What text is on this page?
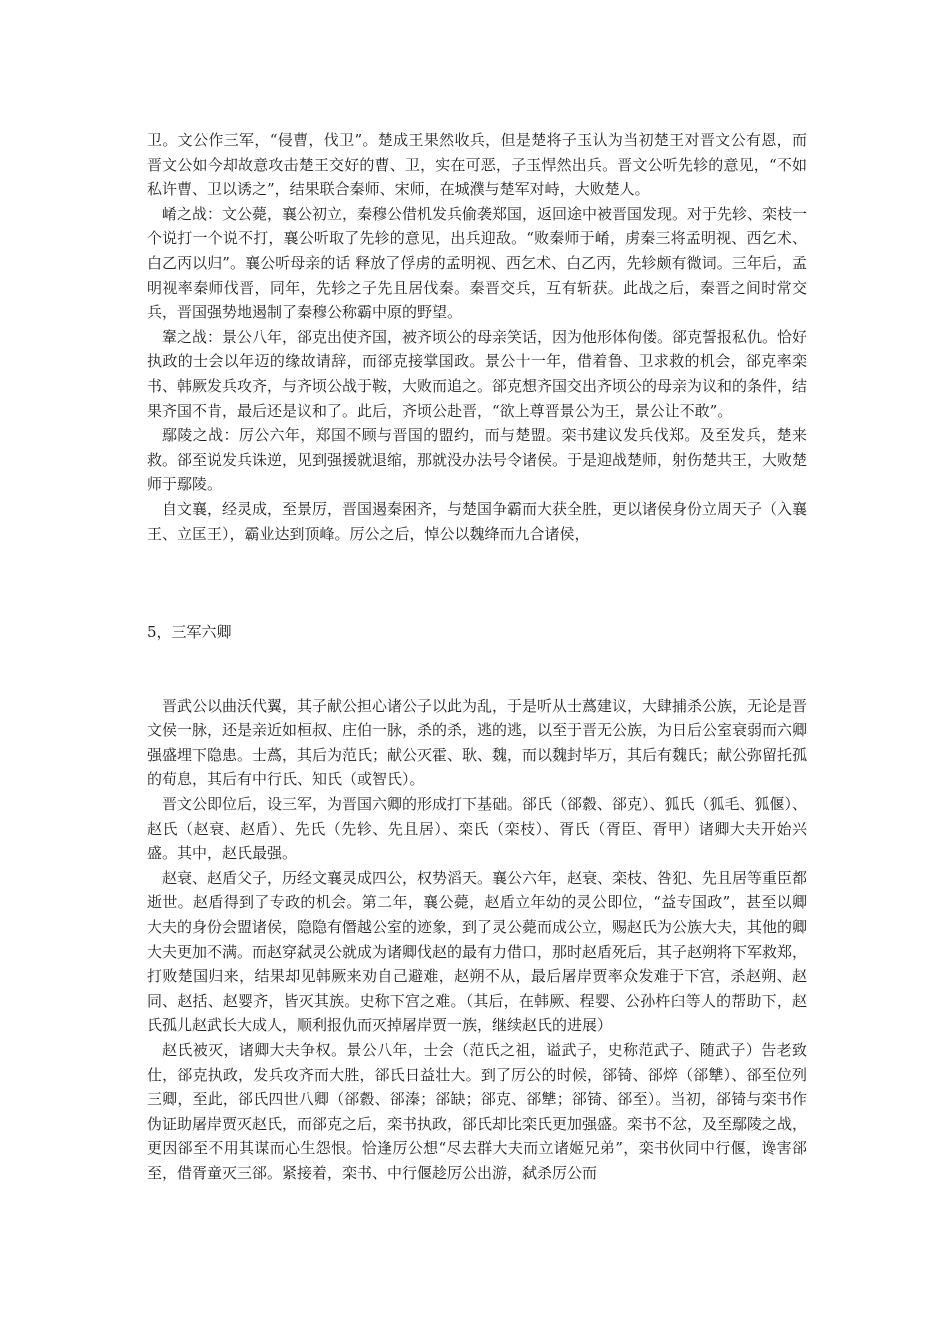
卫。文公作三军，“侵曹，伐卫”。楚成王果然收兵，但是楚将子玉认为当初楚王对晋文公有恩，而晋文公如今却故意攻击楚王交好的曹、卫，实在可恶，子玉悍然出兵。晋文公听先轸的意见，“不如私许曹、卫以诱之”，结果联合秦师、宋师，在城濮与楚军对峙，大败楚人。

崤之战：文公薨，襄公初立，秦穆公借机发兵偷袭郑国，返回途中被晋国发现。对于先轸、栾枝一个说打一个说不打，襄公听取了先轸的意见，出兵迎敌。“败秦师于崤，虏秦三将孟明视、西乞术、白乙丙以归”。襄公听母亲的话 释放了俘虏的孟明视、西乞术、白乙丙，先轸颇有微词。三年后，孟明视率秦师伐晋，同年，先轸之子先且居伐秦。秦晋交兵，互有斩获。此战之后，秦晋之间时常交兵，晋国强势地遏制了秦穆公称霸中原的野望。

鞌之战：景公八年，郤克出使齐国，被齐顷公的母亲笑话，因为他形体佝偻。郤克誓报私仇。恰好执政的士会以年迈的缘故请辞，而郤克接掌国政。景公十一年，借着鲁、卫求救的机会，郤克率栾书、韩厥发兵攻齐，与齐顷公战于鞍，大败而追之。郤克想齐国交出齐顷公的母亲为议和的条件，结果齐国不肯，最后还是议和了。此后，齐顷公赴晋，“欲上尊晋景公为王，景公让不敢”。

鄢陵之战：厉公六年，郑国不顾与晋国的盟约，而与楚盟。栾书建议发兵伐郑。及至发兵，楚来救。郤至说发兵诛逆，见到强援就退缩，那就没办法号令诸侯。于是迎战楚师，射伤楚共王，大败楚师于鄢陵。

自文襄，经灵成，至景厉，晋国遏秦困齐，与楚国争霸而大获全胜，更以诸侯身份立周天子（入襄王、立匡王），霸业达到顶峰。厉公之后，悼公以魏绛而九合诸侯，

5，三军六卿

晋武公以曲沃代翼，其子献公担心诸公子以此为乱，于是听从士蔿建议，大肆捕杀公族，无论是晋文侯一脉，还是亲近如桓叔、庄伯一脉，杀的杀，逃的逃，以至于晋无公族，为日后公室衰弱而六卿强盛埋下隐患。士蔿，其后为范氏；献公灭霍、耿、魏，而以魏封毕万，其后有魏氏；献公弥留托孤的荀息，其后有中行氏、知氏（或智氏）。

晋文公即位后，设三军，为晋国六卿的形成打下基础。郤氏（郤縠、郤克）、狐氏（狐毛、狐偃）、赵氏（赵衰、赵盾）、先氏（先轸、先且居）、栾氏（栾枝）、胥氏（胥臣、胥甲）诸卿大夫开始兴盛。其中，赵氏最强。

赵衰、赵盾父子，历经文襄灵成四公，权势滔天。襄公六年，赵衰、栾枝、咎犯、先且居等重臣都逝世。赵盾得到了专政的机会。第二年，襄公薨，赵盾立年幼的灵公即位，“益专国政”，甚至以卿大夫的身份会盟诸侯，隐隐有僭越公室的迹象，到了灵公薨而成公立，赐赵氏为公族大夫，其他的卿大夫更加不满。而赵穿弑灵公就成为诸卿伐赵的最有力借口，那时赵盾死后，其子赵朔将下军救郑，打败楚国归来，结果却见韩厥来劝自己避难，赵朔不从，最后屠岸贾率众发难于下宫，杀赵朔、赵同、赵括、赵婴齐，皆灭其族。史称下宫之难。（其后，在韩厥、程婴、公孙杵臼等人的帮助下，赵氏孤儿赵武长大成人，顺利报仇而灭掉屠岸贾一族，继续赵氏的进展）

赵氏被灭，诸卿大夫争权。景公八年，士会（范氏之祖，谥武子，史称范武子、随武子）告老致仕，郤克执政，发兵攻齐而大胜，郤氏日益壮大。到了厉公的时候，郤锜、郤焠（郤犨）、郤至位列三卿，至此，郤氏四世八卿（郤縠、郤溱；郤缺；郤克、郤犨；郤锜、郤至）。当初，郤锜与栾书作伪证助屠岸贾灭赵氏，而郤克之后，栾书执政，郤氏却比栾氏更加强盛。栾书不忿，及至鄢陵之战，更因郤至不用其谋而心生怨恨。恰逢厉公想“尽去群大夫而立诸姬兄弟”，栾书伙同中行偃，谗害郤至，借胥童灭三郤。紧接着，栾书、中行偃趁厉公出游，弑杀厉公而
